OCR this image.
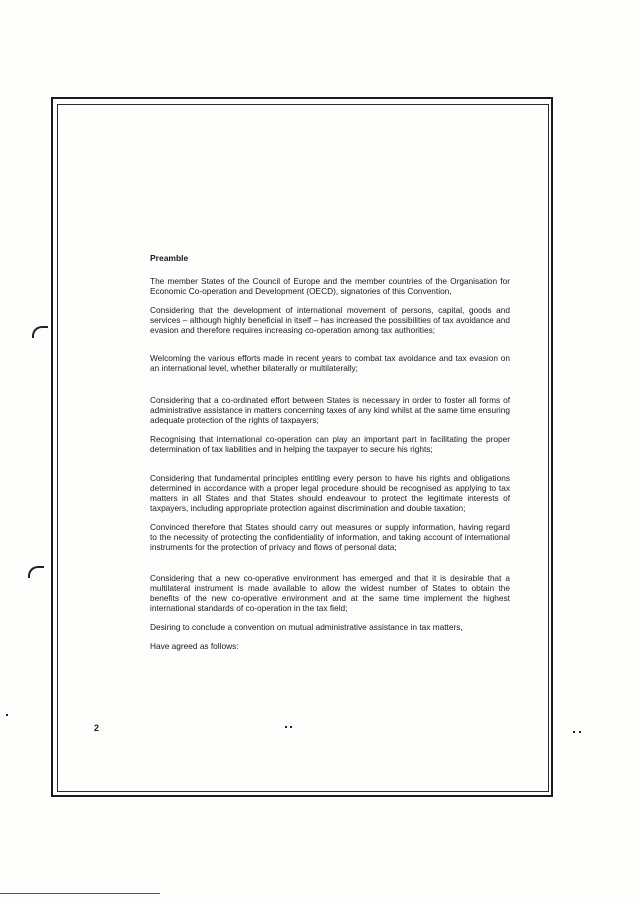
Preamble

The member States of the Council of Europe and the member countries of the Organisation for Economic Co-operation and Development (OECD), signatories of this Convention,

Considering that the development of international movement of persons, capital, goods and services – although highly beneficial in itself – has increased the possibilities of tax avoidance and evasion and therefore requires increasing co-operation among tax authorities;

Welcoming the various efforts made in recent years to combat tax avoidance and tax evasion on an international level, whether bilaterally or multilaterally;

Considering that a co-ordinated effort between States is necessary in order to foster all forms of administrative assistance in matters concerning taxes of any kind whilst at the same time ensuring adequate protection of the rights of taxpayers;

Recognising that international co-operation can play an important part in facilitating the proper determination of tax liabilities and in helping the taxpayer to secure his rights;

Considering that fundamental principles entitling every person to have his rights and obligations determined in accordance with a proper legal procedure should be recognised as applying to tax matters in all States and that States should endeavour to protect the legitimate interests of taxpayers, including appropriate protection against discrimination and double taxation;

Convinced therefore that States should carry out measures or supply information, having regard to the necessity of protecting the confidentiality of information, and taking account of international instruments for the protection of privacy and flows of personal data;

Considering that a new co-operative environment has emerged and that it is desirable that a multilateral instrument is made available to allow the widest number of States to obtain the benefits of the new co-operative environment and at the same time implement the highest international standards of co-operation in the tax field;

Desiring to conclude a convention on mutual administrative assistance in tax matters,

Have agreed as follows:

2
